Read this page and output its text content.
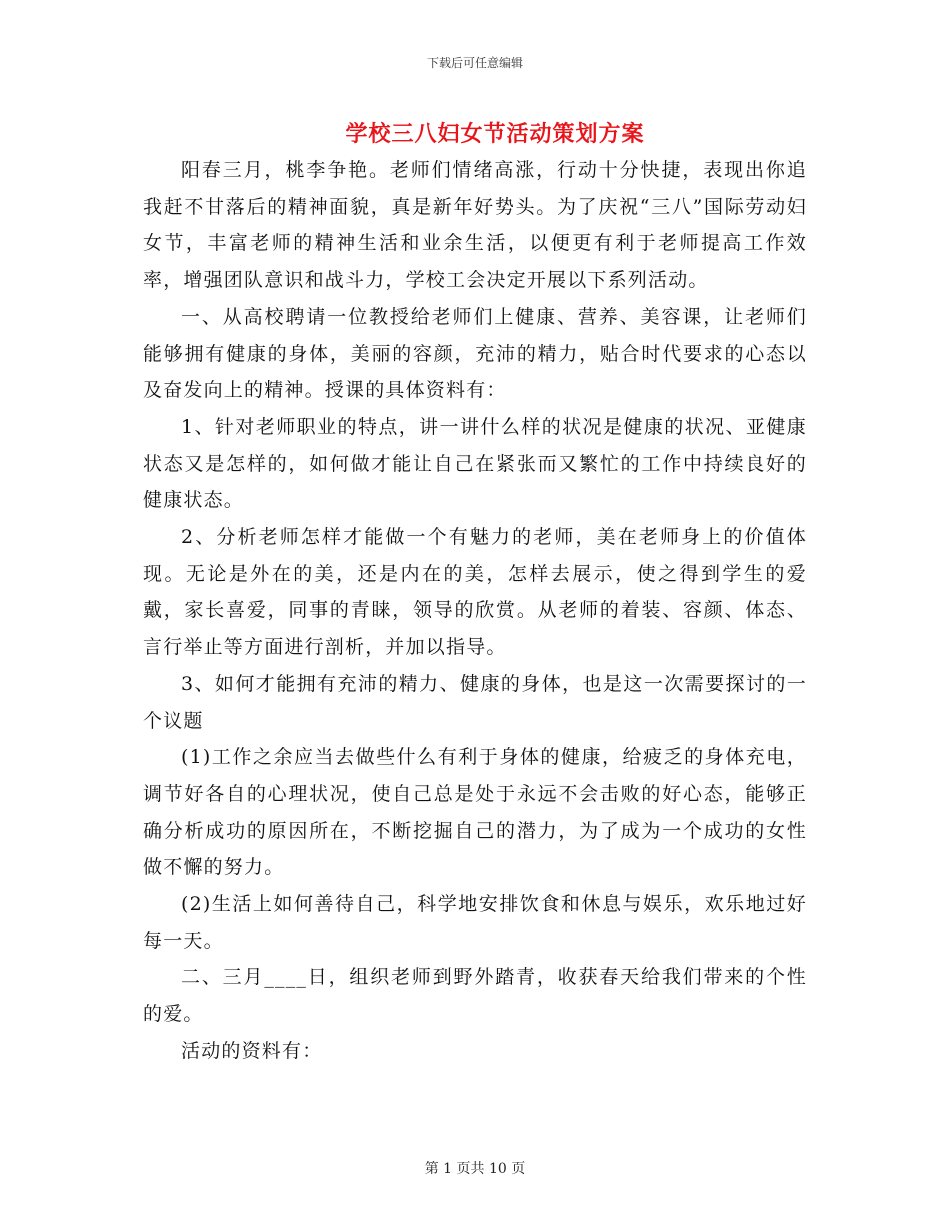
下载后可任意编辑
学校三八妇女节活动策划方案

阳春三月，桃李争艳。老师们情绪高涨，行动十分快捷，表现出你追我赶不甘落后的精神面貌，真是新年好势头。为了庆祝“三八”国际劳动妇女节，丰富老师的精神生活和业余生活，以便更有利于老师提高工作效率，增强团队意识和战斗力，学校工会决定开展以下系列活动。

一、从高校聘请一位教授给老师们上健康、营养、美容课，让老师们能够拥有健康的身体，美丽的容颜，充沛的精力，贴合时代要求的心态以及奋发向上的精神。授课的具体资料有：

1、针对老师职业的特点，讲一讲什么样的状况是健康的状况、亚健康状态又是怎样的，如何做才能让自己在紧张而又繁忙的工作中持续良好的健康状态。

2、分析老师怎样才能做一个有魅力的老师，美在老师身上的价值体现。无论是外在的美，还是内在的美，怎样去展示，使之得到学生的爱戴，家长喜爱，同事的青睐，领导的欣赏。从老师的着装、容颜、体态、言行举止等方面进行剖析，并加以指导。

3、如何才能拥有充沛的精力、健康的身体，也是这一次需要探讨的一个议题

(1)工作之余应当去做些什么有利于身体的健康，给疲乏的身体充电，调节好各自的心理状况，使自己总是处于永远不会击败的好心态，能够正确分析成功的原因所在，不断挖掘自己的潜力，为了成为一个成功的女性做不懈的努力。

(2)生活上如何善待自己，科学地安排饮食和休息与娱乐，欢乐地过好每一天。

二、三月____日，组织老师到野外踏青，收获春天给我们带来的个性的爱。

活动的资料有：

第 1 页共 10 页
